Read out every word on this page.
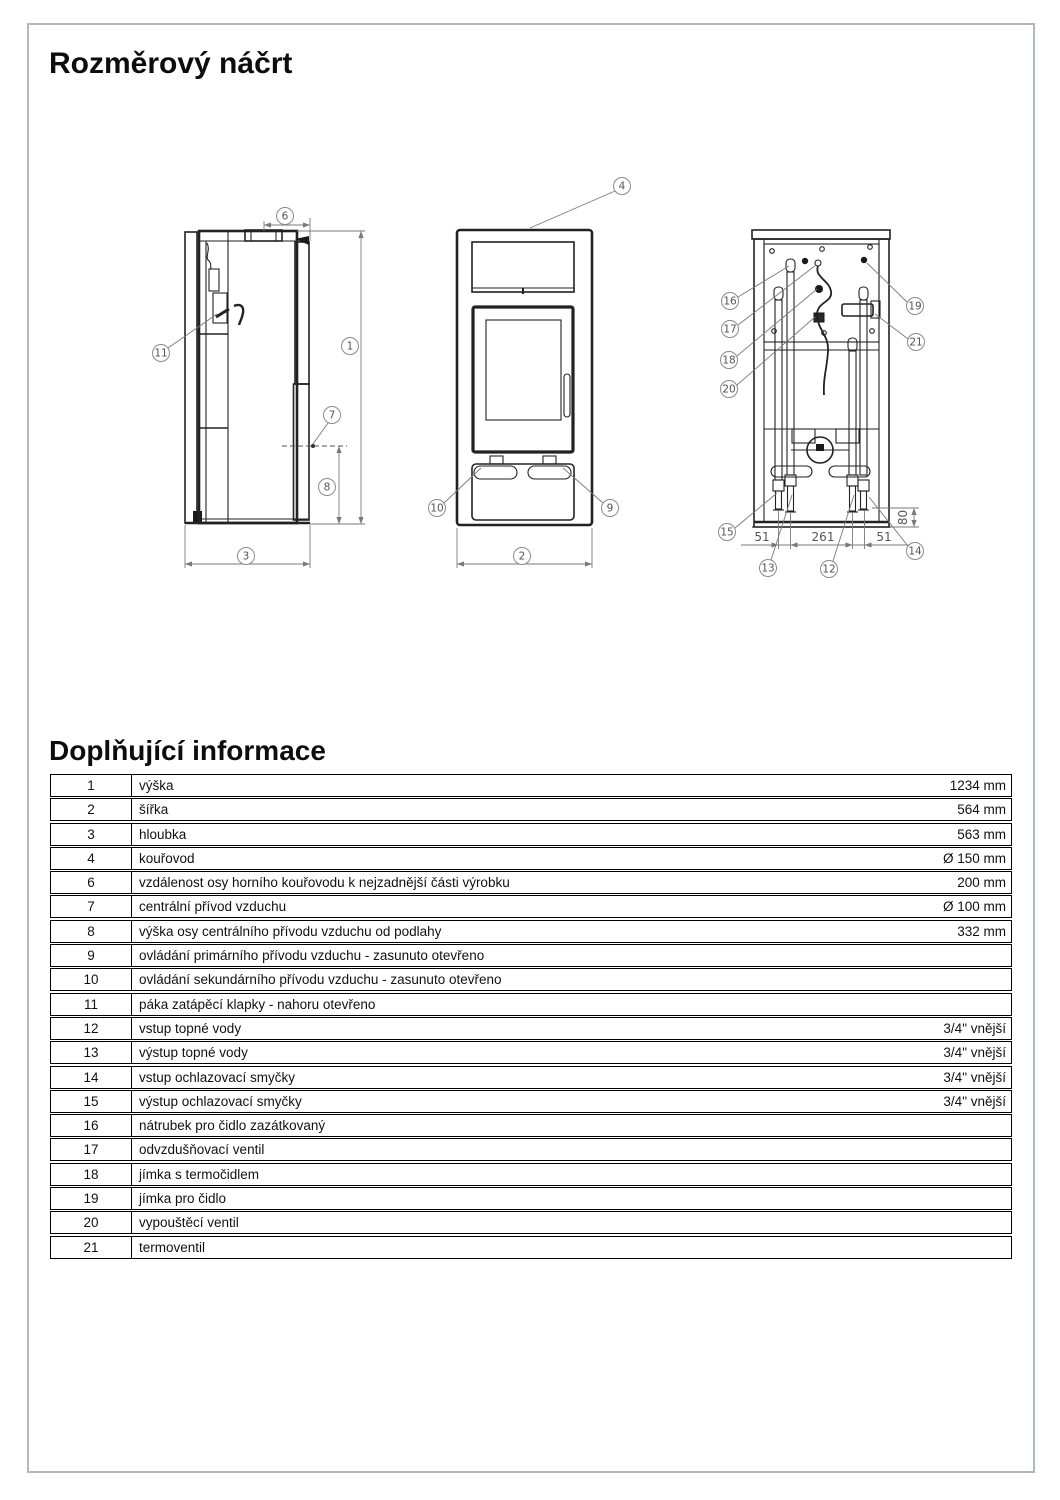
Rozměrový náčrt
6
1
3
7
8
11
4
10	9
2
51	261	51
80
16
17
18
20
19
21
15
13	12
14
Doplňující informace
1	výška	1234 mm
2	šířka	564 mm
3	hloubka	563 mm
4	kouřovod	Ø 150 mm
6	vzdálenost osy horního kouřovodu k nejzadnější části výrobku	200 mm
7	centrální přívod vzduchu	Ø 100 mm
8	výška osy centrálního přívodu vzduchu od podlahy	332 mm
9	ovládání primárního přívodu vzduchu - zasunuto otevřeno
10	ovládání sekundárního přívodu vzduchu - zasunuto otevřeno
11	páka zatápěcí klapky - nahoru otevřeno
12	vstup topné vody	3/4" vnější
13	výstup topné vody	3/4" vnější
14	vstup ochlazovací smyčky	3/4" vnější
15	výstup ochlazovací smyčky	3/4" vnější
16	nátrubek pro čidlo zazátkovaný
17	odvzdušňovací ventil
18	jímka s termočidlem
19	jímka pro čidlo
20	vypouštěcí ventil
21	termoventil
